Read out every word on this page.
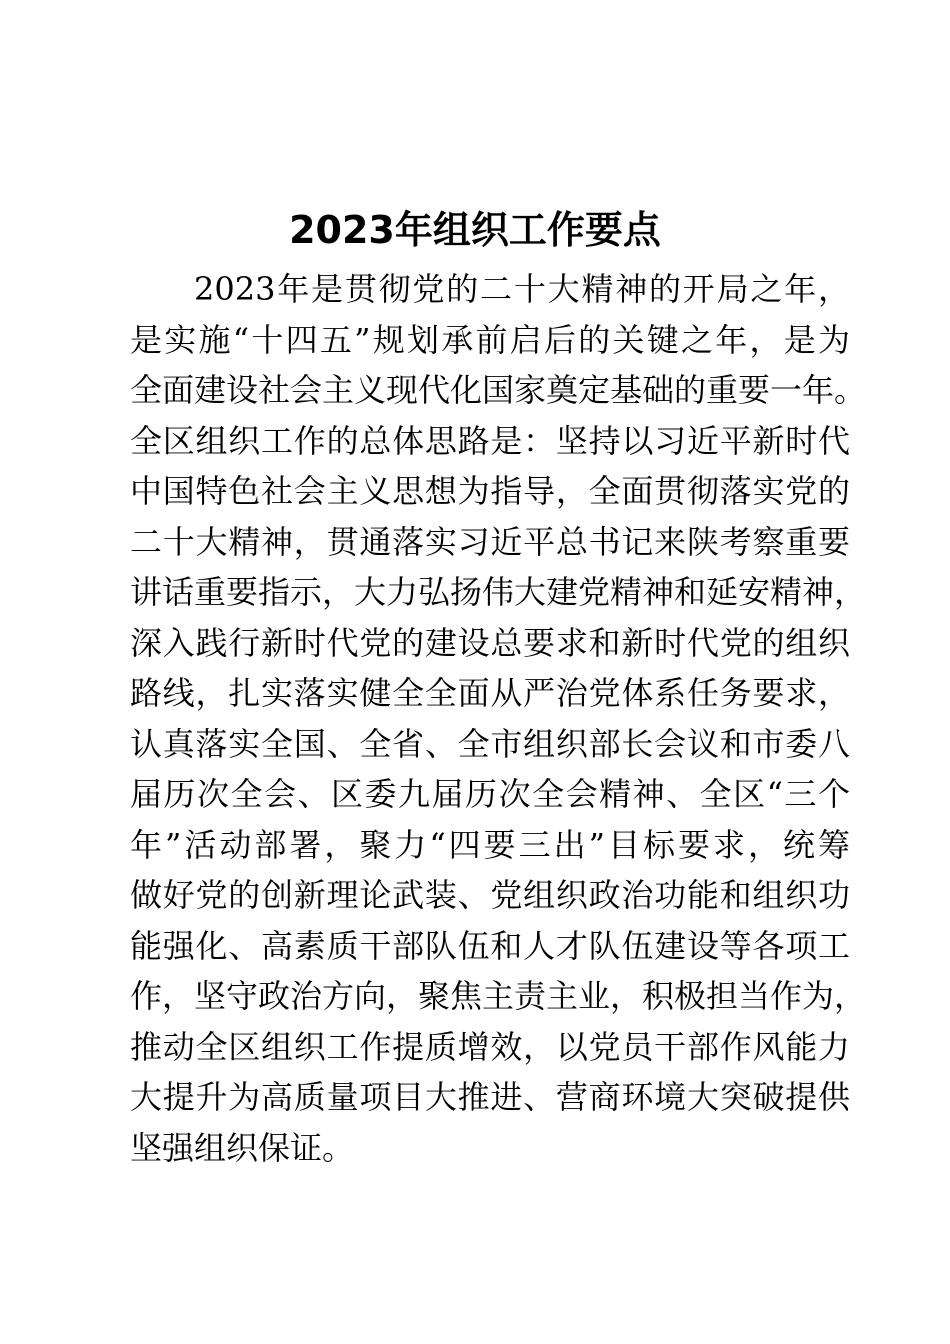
2023年组织工作要点
2023年是贯彻党的二十大精神的开局之年，
是实施“十四五”规划承前启后的关键之年，是为
全面建设社会主义现代化国家奠定基础的重要一年。
全区组织工作的总体思路是：坚持以习近平新时代
中国特色社会主义思想为指导，全面贯彻落实党的
二十大精神，贯通落实习近平总书记来陕考察重要
讲话重要指示，大力弘扬伟大建党精神和延安精神，
深入践行新时代党的建设总要求和新时代党的组织
路线，扎实落实健全全面从严治党体系任务要求，
认真落实全国、全省、全市组织部长会议和市委八
届历次全会、区委九届历次全会精神、全区“三个
年”活动部署，聚力“四要三出”目标要求，统筹
做好党的创新理论武装、党组织政治功能和组织功
能强化、高素质干部队伍和人才队伍建设等各项工
作，坚守政治方向，聚焦主责主业，积极担当作为，
推动全区组织工作提质增效，以党员干部作风能力
大提升为高质量项目大推进、营商环境大突破提供
坚强组织保证。
